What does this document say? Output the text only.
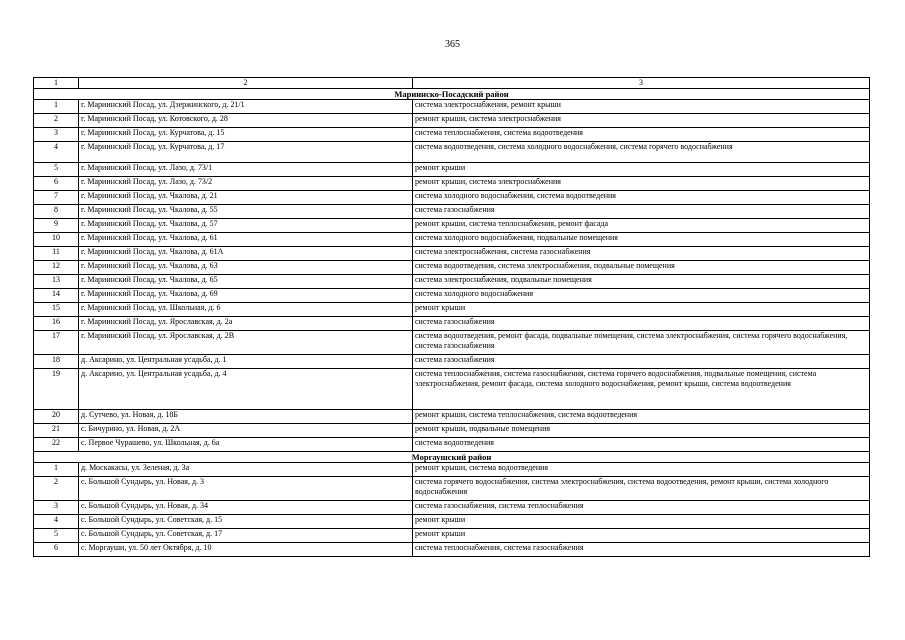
365
1	2	3
Мариинско-Посадский район		
1	г. Мариинский Посад, ул. Дзержинского, д. 21/1	система электроснабжения, ремонт крыши
2	г. Мариинский Посад, ул. Котовского, д. 28	ремонт крыши, система электроснабжения
3	г. Мариинский Посад, ул. Курчатова, д. 15	система теплоснабжения, система водоотведения
4	г. Мариинский Посад, ул. Курчатова, д. 17	система водоотведения, система холодного водоснабжения, система горячего водоснабжения
5	г. Мариинский Посад, ул. Лазо, д. 73/1	ремонт крыши
6	г. Мариинский Посад, ул. Лазо, д. 73/2	ремонт крыши, система электроснабжения
7	г. Мариинский Посад, ул. Чкалова, д. 21	система холодного водоснабжения, система водоотведения
8	г. Мариинский Посад, ул. Чкалова, д. 55	система газоснабжения
9	г. Мариинский Посад, ул. Чкалова, д. 57	ремонт крыши, система теплоснабжения, ремонт фасада
10	г. Мариинский Посад, ул. Чкалова, д. 61	система холодного водоснабжения, подвальные помещения
11	г. Мариинский Посад, ул. Чкалова, д. 61А	система электроснабжения, система газоснабжения
12	г. Мариинский Посад, ул. Чкалова, д. 63	система водоотведения, система электроснабжения, подвальные помещения
13	г. Мариинский Посад, ул. Чкалова, д. 65	система электроснабжения, подвальные помещения
14	г. Мариинский Посад, ул. Чкалова, д. 69	система холодного водоснабжения
15	г. Мариинский Посад, ул. Школьная, д. 6	ремонт крыши
16	г. Мариинский Посад, ул. Ярославская, д. 2а	система газоснабжения
17	г. Мариинский Посад, ул. Ярославская, д. 2В	система водоотведения, ремонт фасада, подвальные помещения, система электроснабжения, система горячего водоснабжения, система газоснабжения
18	д. Аксарино, ул. Центральная усадьба, д. 1	система газоснабжения
19	д. Аксарино, ул. Центральная усадьба, д. 4	система теплоснабжения, система газоснабжения, система горячего водоснабжения, подвальные помещения, система электроснабжения, ремонт фасада, система холодного водоснабжения, ремонт крыши, система водоотведения
20	д. Сутчево, ул. Новая, д. 18Б	ремонт крыши, система теплоснабжения, система водоотведения
21	с. Бичурино, ул. Новая, д. 2А	ремонт крыши, подвальные помещения
22	с. Первое Чурашево, ул. Школьная, д. 6а	система водоотведения
Моргаушский район		
1	д. Москакасы, ул. Зеленая, д. 3а	ремонт крыши, система водоотведения
2	с. Большой Сундырь, ул. Новая, д. 3	система горячего водоснабжения, система электроснабжения, система водоотведения, ремонт крыши, система холодного водоснабжения
3	с. Большой Сундырь, ул. Новая, д. 34	система газоснабжения, система теплоснабжения
4	с. Большой Сундырь, ул. Советская, д. 15	ремонт крыши
5	с. Большой Сундырь, ул. Советская, д. 17	ремонт крыши
6	с. Моргауши, ул. 50 лет Октября, д. 10	система теплоснабжения, система газоснабжения
